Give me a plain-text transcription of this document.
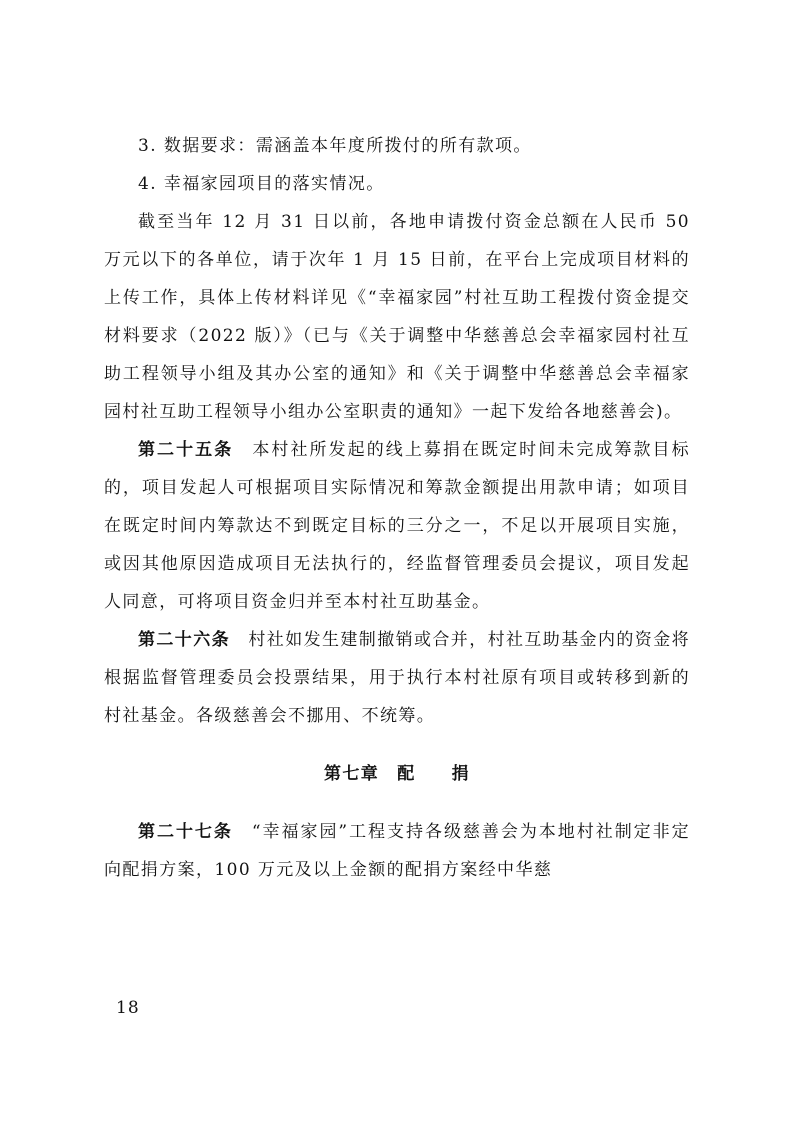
3. 数据要求：需涵盖本年度所拨付的所有款项。

4. 幸福家园项目的落实情况。

截至当年 12 月 31 日以前，各地申请拨付资金总额在人民币 50 万元以下的各单位，请于次年 1 月 15 日前，在平台上完成项目材料的上传工作，具体上传材料详见《“幸福家园”村社互助工程拨付资金提交材料要求（2022 版）》（已与《关于调整中华慈善总会幸福家园村社互助工程领导小组及其办公室的通知》和《关于调整中华慈善总会幸福家园村社互助工程领导小组办公室职责的通知》一起下发给各地慈善会)。

第二十五条　 本村社所发起的线上募捐在既定时间未完成筹款目标的，项目发起人可根据项目实际情况和筹款金额提出用款申请；如项目在既定时间内筹款达不到既定目标的三分之一，不足以开展项目实施，或因其他原因造成项目无法执行的，经监督管理委员会提议，项目发起人同意，可将项目资金归并至本村社互助基金。

第二十六条　 村社如发生建制撤销或合并，村社互助基金内的资金将根据监督管理委员会投票结果，用于执行本村社原有项目或转移到新的村社基金。各级慈善会不挪用、不统筹。

第七章 配 捐

第二十七条　 “幸福家园”工程支持各级慈善会为本地村社制定非定向配捐方案，100 万元及以上金额的配捐方案经中华慈

18
